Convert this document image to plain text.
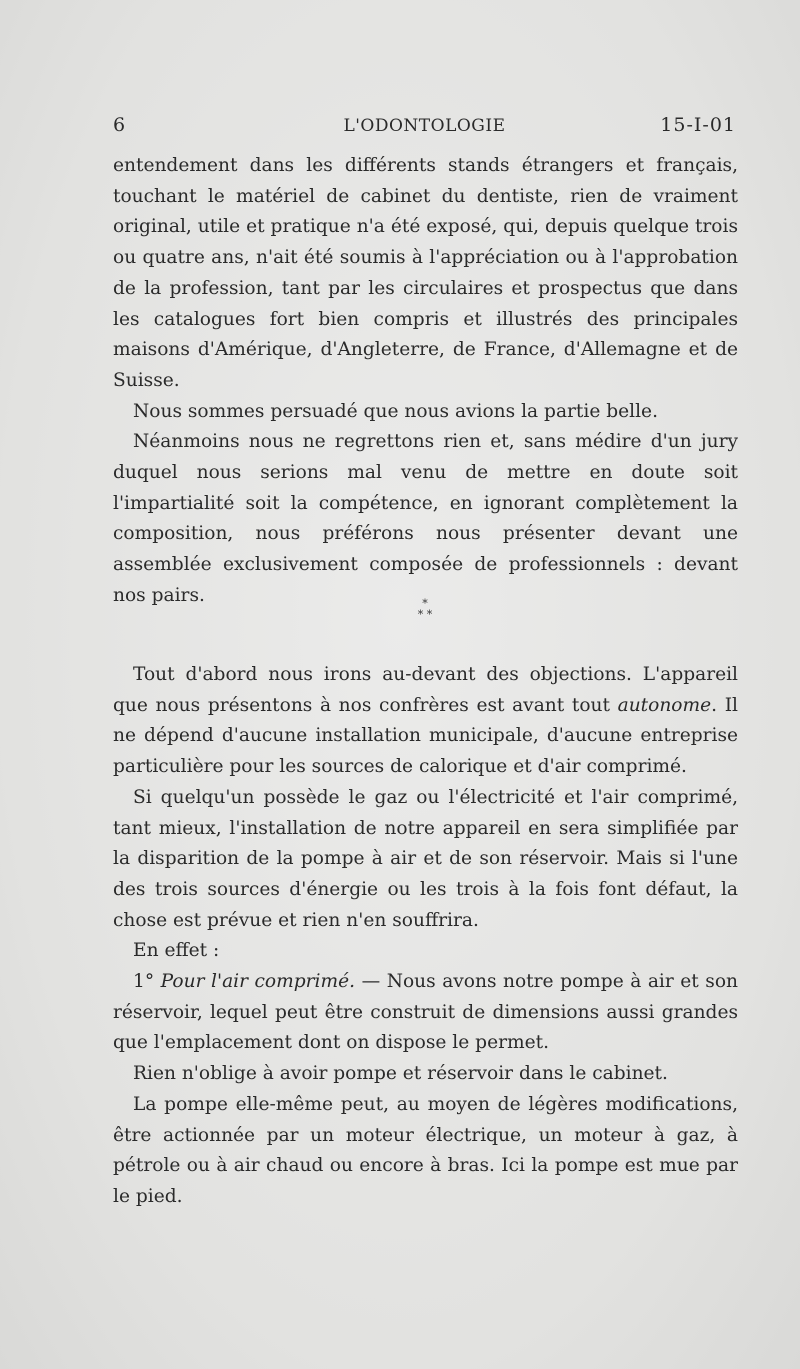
6	L'ODONTOLOGIE	15-I-01

entendement dans les différents stands étrangers et français, touchant le matériel de cabinet du dentiste, rien de vraiment original, utile et pratique n'a été exposé, qui, depuis quelque trois ou quatre ans, n'ait été soumis à l'appréciation ou à l'approbation de la profession, tant par les circulaires et prospectus que dans les catalogues fort bien compris et illustrés des principales maisons d'Amérique, d'Angleterre, de France, d'Allemagne et de Suisse.

Nous sommes persuadé que nous avions la partie belle.

Néanmoins nous ne regrettons rien et, sans médire d'un jury duquel nous serions mal venu de mettre en doute soit l'impartialité soit la compétence, en ignorant complètement la composition, nous préférons nous présenter devant une assemblée exclusivement composée de professionnels : devant nos pairs.	*
* *

Tout d'abord nous irons au-devant des objections. L'appareil que nous présentons à nos confrères est avant tout autonome. Il ne dépend d'aucune installation municipale, d'aucune entreprise particulière pour les sources de calorique et d'air comprimé.

Si quelqu'un possède le gaz ou l'électricité et l'air comprimé, tant mieux, l'installation de notre appareil en sera simplifiée par la disparition de la pompe à air et de son réservoir. Mais si l'une des trois sources d'énergie ou les trois à la fois font défaut, la chose est prévue et rien n'en souffrira.

En effet :

1° Pour l'air comprimé. — Nous avons notre pompe à air et son réservoir, lequel peut être construit de dimensions aussi grandes que l'emplacement dont on dispose le permet.

Rien n'oblige à avoir pompe et réservoir dans le cabinet.

La pompe elle-même peut, au moyen de légères modifications, être actionnée par un moteur électrique, un moteur à gaz, à pétrole ou à air chaud ou encore à bras. Ici la pompe est mue par le pied.
